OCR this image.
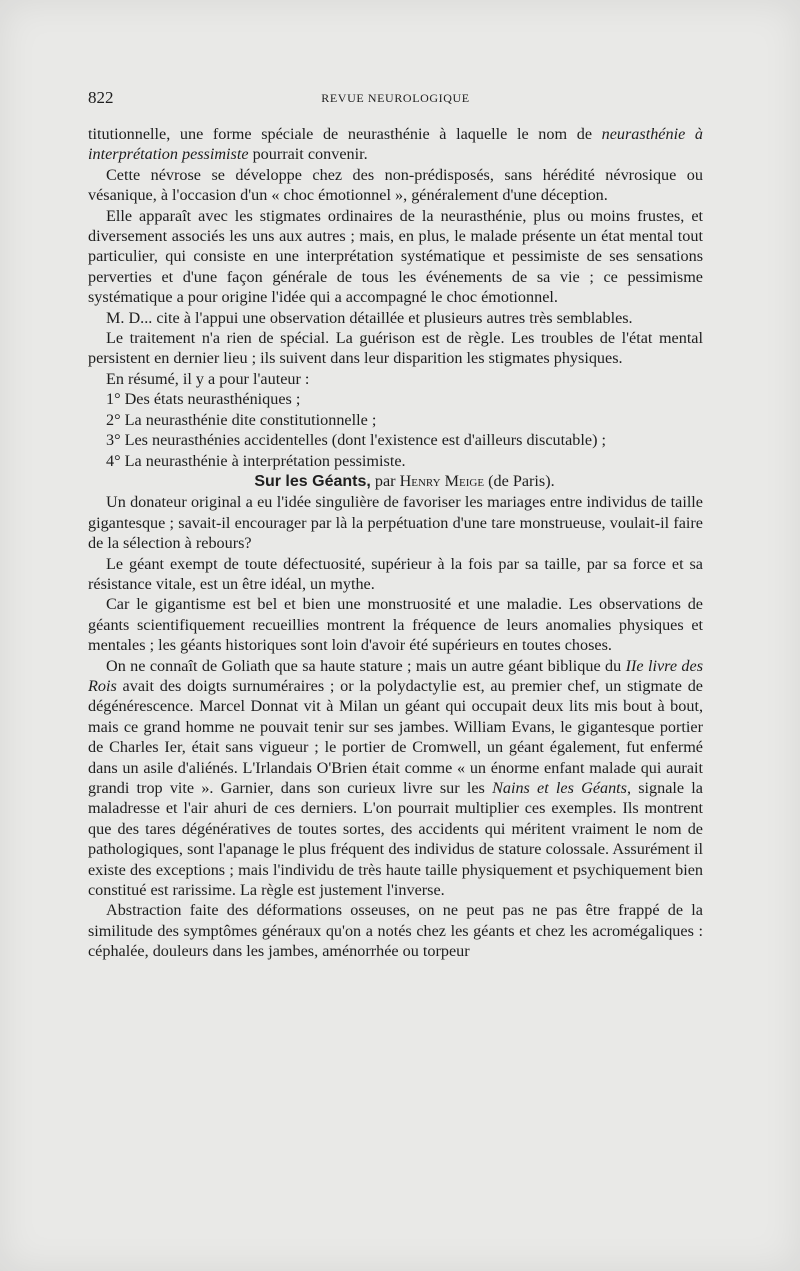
822	REVUE NEUROLOGIQUE

titutionnelle, une forme spéciale de neurasthénie à laquelle le nom de neurasthénie à interprétation pessimiste pourrait convenir.

Cette névrose se développe chez des non-prédisposés, sans hérédité névrosique ou vésanique, à l'occasion d'un « choc émotionnel », généralement d'une déception.

Elle apparaît avec les stigmates ordinaires de la neurasthénie, plus ou moins frustes, et diversement associés les uns aux autres ; mais, en plus, le malade présente un état mental tout particulier, qui consiste en une interprétation systématique et pessimiste de ses sensations perverties et d'une façon générale de tous les événements de sa vie ; ce pessimisme systématique a pour origine l'idée qui a accompagné le choc émotionnel.

M. D... cite à l'appui une observation détaillée et plusieurs autres très semblables.

Le traitement n'a rien de spécial. La guérison est de règle. Les troubles de l'état mental persistent en dernier lieu ; ils suivent dans leur disparition les stigmates physiques.

En résumé, il y a pour l'auteur :

1° Des états neurasthéniques ;

2° La neurasthénie dite constitutionnelle ;

3° Les neurasthénies accidentelles (dont l'existence est d'ailleurs discutable) ;

4° La neurasthénie à interprétation pessimiste.

Sur les Géants, par Henry Meige (de Paris).

Un donateur original a eu l'idée singulière de favoriser les mariages entre individus de taille gigantesque ; savait-il encourager par là la perpétuation d'une tare monstrueuse, voulait-il faire de la sélection à rebours?

Le géant exempt de toute défectuosité, supérieur à la fois par sa taille, par sa force et sa résistance vitale, est un être idéal, un mythe.

Car le gigantisme est bel et bien une monstruosité et une maladie. Les observations de géants scientifiquement recueillies montrent la fréquence de leurs anomalies physiques et mentales ; les géants historiques sont loin d'avoir été supérieurs en toutes choses.

On ne connaît de Goliath que sa haute stature ; mais un autre géant biblique du IIe livre des Rois avait des doigts surnuméraires ; or la polydactylie est, au premier chef, un stigmate de dégénérescence. Marcel Donnat vit à Milan un géant qui occupait deux lits mis bout à bout, mais ce grand homme ne pouvait tenir sur ses jambes. William Evans, le gigantesque portier de Charles Ier, était sans vigueur ; le portier de Cromwell, un géant également, fut enfermé dans un asile d'aliénés. L'Irlandais O'Brien était comme « un énorme enfant malade qui aurait grandi trop vite ». Garnier, dans son curieux livre sur les Nains et les Géants, signale la maladresse et l'air ahuri de ces derniers. L'on pourrait multiplier ces exemples. Ils montrent que des tares dégénératives de toutes sortes, des accidents qui méritent vraiment le nom de pathologiques, sont l'apanage le plus fréquent des individus de stature colossale. Assurément il existe des exceptions ; mais l'individu de très haute taille physiquement et psychiquement bien constitué est rarissime. La règle est justement l'inverse.

Abstraction faite des déformations osseuses, on ne peut pas ne pas être frappé de la similitude des symptômes généraux qu'on a notés chez les géants et chez les acromégaliques : céphalée, douleurs dans les jambes, aménorrhée ou torpeur
